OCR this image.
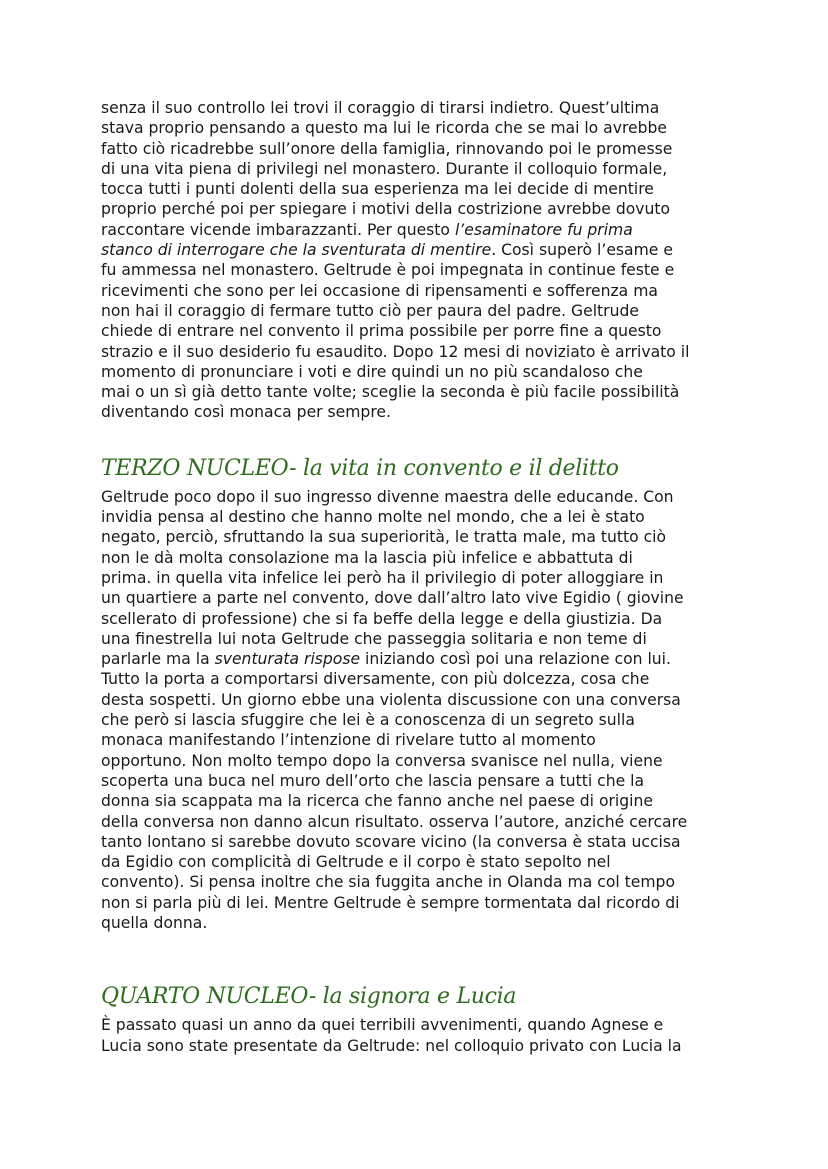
senza il suo controllo lei trovi il coraggio di tirarsi indietro. Quest’ultima
stava proprio pensando a questo ma lui le ricorda che se mai lo avrebbe
fatto ciò ricadrebbe sull’onore della famiglia, rinnovando poi le promesse
di una vita piena di privilegi nel monastero. Durante il colloquio formale,
tocca tutti i punti dolenti della sua esperienza ma lei decide di mentire
proprio perché poi per spiegare i motivi della costrizione avrebbe dovuto
raccontare vicende imbarazzanti. Per questo l’esaminatore fu prima
stanco di interrogare che la sventurata di mentire. Così superò l’esame e
fu ammessa nel monastero. Geltrude è poi impegnata in continue feste e
ricevimenti che sono per lei occasione di ripensamenti e sofferenza ma
non hai il coraggio di fermare tutto ciò per paura del padre. Geltrude
chiede di entrare nel convento il prima possibile per porre fine a questo
strazio e il suo desiderio fu esaudito. Dopo 12 mesi di noviziato è arrivato il
momento di pronunciare i voti e dire quindi un no più scandaloso che
mai o un sì già detto tante volte; sceglie la seconda è più facile possibilità
diventando così monaca per sempre.
TERZO NUCLEO- la vita in convento e il delitto
Geltrude poco dopo il suo ingresso divenne maestra delle educande. Con
invidia pensa al destino che hanno molte nel mondo, che a lei è stato
negato, perciò, sfruttando la sua superiorità, le tratta male, ma tutto ciò
non le dà molta consolazione ma la lascia più infelice e abbattuta di
prima. in quella vita infelice lei però ha il privilegio di poter alloggiare in
un quartiere a parte nel convento, dove dall’altro lato vive Egidio ( giovine
scellerato di professione) che si fa beffe della legge e della giustizia. Da
una finestrella lui nota Geltrude che passeggia solitaria e non teme di
parlarle ma la sventurata rispose iniziando così poi una relazione con lui.
Tutto la porta a comportarsi diversamente, con più dolcezza, cosa che
desta sospetti. Un giorno ebbe una violenta discussione con una conversa
che però si lascia sfuggire che lei è a conoscenza di un segreto sulla
monaca manifestando l’intenzione di rivelare tutto al momento
opportuno. Non molto tempo dopo la conversa svanisce nel nulla, viene
scoperta una buca nel muro dell’orto che lascia pensare a tutti che la
donna sia scappata ma la ricerca che fanno anche nel paese di origine
della conversa non danno alcun risultato. osserva l’autore, anziché cercare
tanto lontano si sarebbe dovuto scovare vicino (la conversa è stata uccisa
da Egidio con complicità di Geltrude e il corpo è stato sepolto nel
convento). Si pensa inoltre che sia fuggita anche in Olanda ma col tempo
non si parla più di lei. Mentre Geltrude è sempre tormentata dal ricordo di
quella donna.
QUARTO NUCLEO- la signora e Lucia
È passato quasi un anno da quei terribili avvenimenti, quando Agnese e
Lucia sono state presentate da Geltrude: nel colloquio privato con Lucia la
